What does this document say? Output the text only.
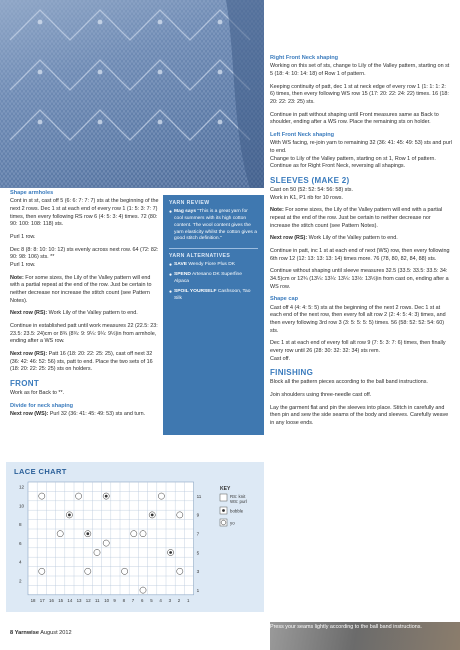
Shape armholes

Cont in st st, cast off 5 (6: 6: 7: 7: 7) sts at the beginning of the next 2 rows. Dec 1 st at each end of every row 1 (1: 5: 3: 7: 7) times, then every following RS row 6 (4: 5: 3: 4) times. 72 (80: 90: 100: 108: 118) sts.

Purl 1 row.

Dec 8 (8: 8: 10: 10: 12) sts evenly across next row. 64 (72: 82: 90: 98: 106) sts. **

Purl 1 row.

Note: For some sizes, the Lily of the Valley pattern will end with a partial repeat at the end of the row. Just be certain to neither decrease nor increase the stitch count (see Pattern Notes).

Next row (RS): Work Lily of the Valley pattern to end.

Continue in established patt until work measures 22 (22.5: 23: 23.5: 23.5: 24)cm or 8¾ (8¾: 9: 9¼: 9¼: 9½)in from armhole, ending after a WS row.

Next row (RS): Patt 16 (18: 20: 22: 25: 25), cast off next 32 (36: 42: 46: 52: 56) sts, patt to end. Place the two sets of 16 (18: 20: 22: 25: 25) sts on holders.

FRONT

Work as for Back to **.

Divide for neck shaping

Next row (WS): Purl 32 (36: 41: 45: 49: 53) sts and turn.

YARN REVIEW
● Mag says "This is a great yarn for cool summers with its high cotton content. The wool content gives the yarn elasticity whilst the cotton gives a good stitch definition."
YARN ALTERNATIVES
● SAVE Wendy Fiore Plus DK
● SPEND Artesano DK Superfine Alpaca
● SPOIL YOURSELF Cashsoon, Tao Silk
LACE CHART
12
11
10
9
8
7
6
5
4
3
2
1
18 17 16 15 14 13 12 11 10 9 8 7 6 5 4 3 2 1
KEY
RS: knit
WS: purl
bobble
yo
Right Front Neck shaping

Working on this set of sts, change to Lily of the Valley pattern, starting on st 5 (18: 4: 10: 14: 18) of Row 1 of pattern.

Keeping continuity of patt, dec 1 st at neck edge of every row 1 (1: 1: 1: 2: 6) times, then every following WS row 15 (17: 20: 22: 24: 22) times. 16 (18: 20: 22: 23: 25) sts.

Continue in patt without shaping until Front measures same as Back to shoulder, ending after a WS row. Place the remaining sts on holder.

Left Front Neck shaping

With WS facing, re-join yarn to remaining 32 (36: 41: 45: 49: 53) sts and purl to end.

Change to Lily of the Valley pattern, starting on st 1, Row 1 of pattern.

Continue as for Right Front Neck, reversing all shapings.

SLEEVES (MAKE 2)

Cast on 50 (52: 52: 54: 56: 58) sts.

Work in K1, P1 rib for 10 rows.

Note: For some sizes, the Lily of the Valley pattern will end with a partial repeat at the end of the row. Just be certain to neither decrease nor increase the stitch count (see Pattern Notes).

Next row (RS): Work Lily of the Valley pattern to end.

Continue in patt, inc 1 st at each end of next (WS) row, then every following 6th row 12 (12: 13: 13: 13: 14) times more. 76 (78, 80, 82, 84, 88) sts.

Continue without shaping until sleeve measures 32.5 (33.5: 33.5: 33.5: 34: 34.5)cm or 12¾ (13¼: 13¼: 13¼: 13½: 13½)in from cast on, ending after a WS row.

Shape cap

Cast off 4 (4: 4: 5: 5) sts at the beginning of the next 2 rows. Dec 1 st at each end of the next row, then every foll alt row 2 (2: 4: 5: 4: 3) times, and then every following 3rd row 3 (3: 5: 5: 5: 5) times. 56 (58: 52: 52: 54: 60) sts.

Dec 1 st at each end of every foll alt row 9 (7: 5: 3: 7: 6) times, then finally every row until 26 (28: 30: 32: 32: 34) sts rem.

Cast off.

FINISHING

Block all the pattern pieces according to the ball band instructions.

Join shoulders using three-needle cast off.

Lay the garment flat and pin the sleeves into place. Stitch in carefully and then pin and sew the side seams of the body and sleeves. Carefully weave in any loose ends.

Press your seams lightly according to the ball band instructions.
8 Yarnwise August 2012
